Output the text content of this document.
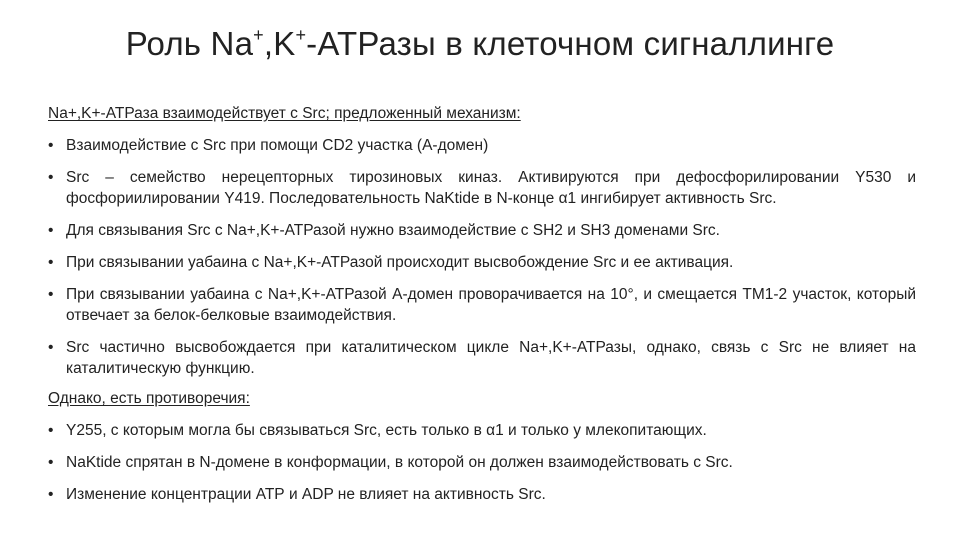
Роль Na+,K+-АТРазы в клеточном сигналлинге
Na+,K+-АТРаза взаимодействует с Src; предложенный механизм:
• Взаимодействие с Src при помощи CD2 участка (А-домен)
• Src – семейство нерецепторных тирозиновых киназ. Активируются при дефосфорилировании Y530 и фосфориилировании Y419. Последовательность NaKtide в N-конце α1 ингибирует активность Src.
• Для связывания Src с Na+,K+-АТРазой нужно взаимодействие с SH2 и SH3 доменами Src.
• При связывании уабаина с Na+,K+-АТРазой происходит высвобождение Src и ее активация.
• При связывании уабаина с Na+,K+-АТРазой А-домен проворачивается на 10°, и смещается TM1-2 участок, который отвечает за белок-белковые взаимодействия.
• Src частично высвобождается при каталитическом цикле Na+,K+-АТРазы, однако, связь с Src не влияет на каталитическую функцию.
Однако, есть противоречия:
• Y255, с которым могла бы связываться Src, есть только в α1 и только у млекопитающих.
• NaKtide спрятан в N-домене в конформации, в которой он должен взаимодействовать с Src.
• Изменение концентрации АТР и ADP не влияет на активность Src.
